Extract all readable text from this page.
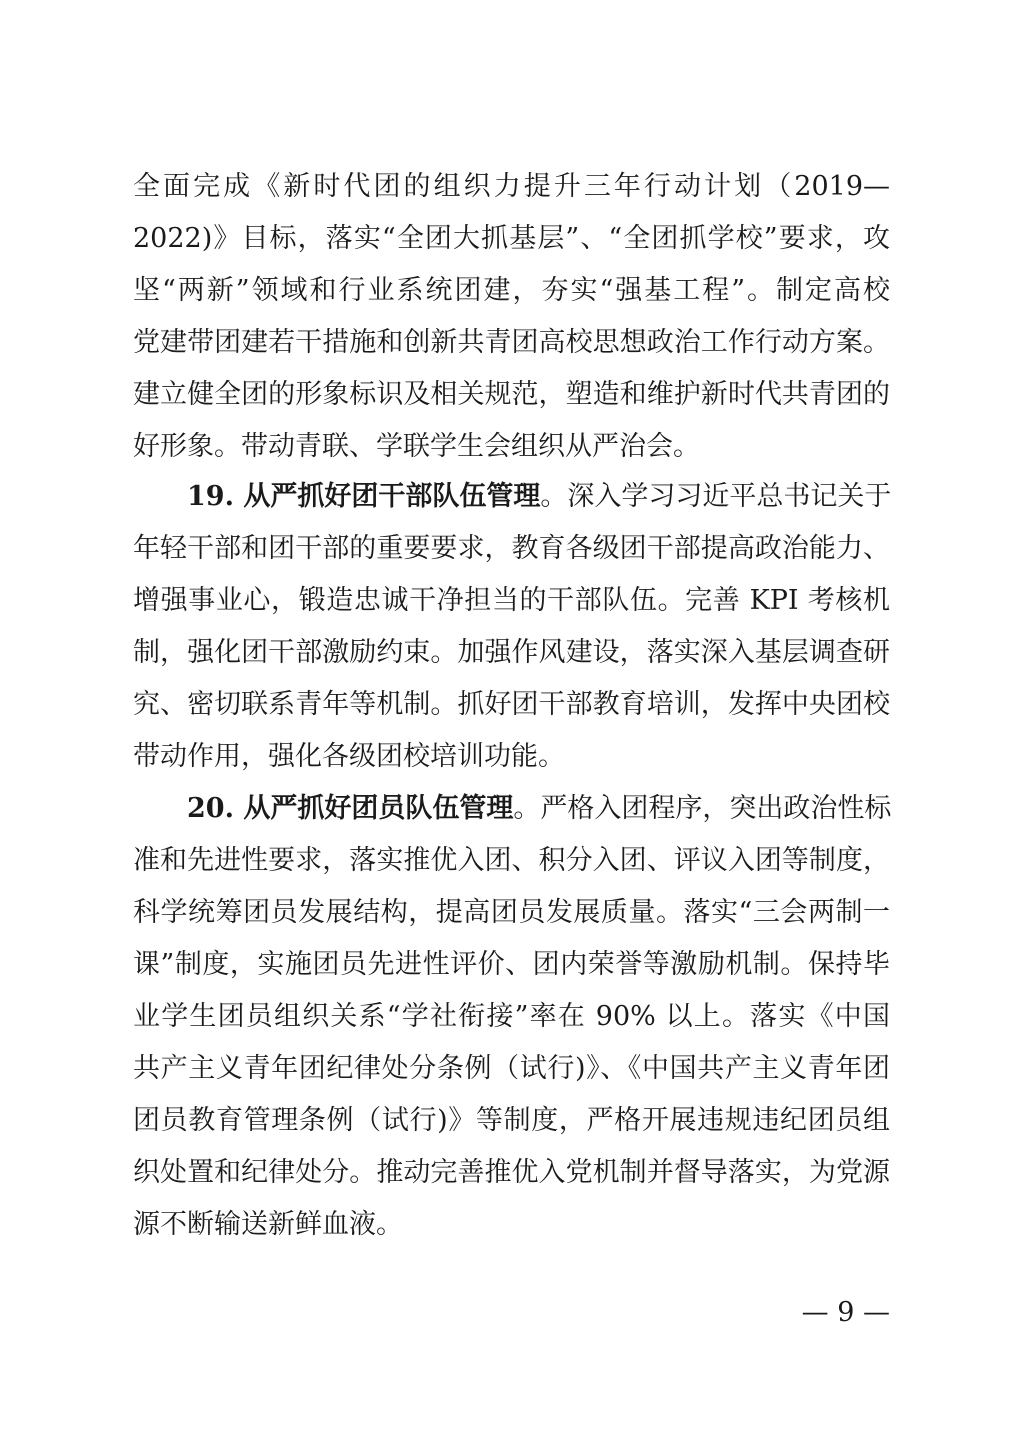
全面完成《新时代团的组织力提升三年行动计划（2019—
2022)》目标，落实“全团大抓基层”、“全团抓学校”要求，攻
坚“两新”领域和行业系统团建，夯实“强基工程”。制定高校
党建带团建若干措施和创新共青团高校思想政治工作行动方案。
建立健全团的形象标识及相关规范，塑造和维护新时代共青团的
好形象。带动青联、学联学生会组织从严治会。
19. 从严抓好团干部队伍管理。深入学习习近平总书记关于
年轻干部和团干部的重要要求，教育各级团干部提高政治能力、
增强事业心，锻造忠诚干净担当的干部队伍。完善 KPI 考核机
制，强化团干部激励约束。加强作风建设，落实深入基层调查研
究、密切联系青年等机制。抓好团干部教育培训，发挥中央团校
带动作用，强化各级团校培训功能。
20. 从严抓好团员队伍管理。严格入团程序，突出政治性标
准和先进性要求，落实推优入团、积分入团、评议入团等制度，
科学统筹团员发展结构，提高团员发展质量。落实“三会两制一
课”制度，实施团员先进性评价、团内荣誉等激励机制。保持毕
业学生团员组织关系“学社衔接”率在 90% 以上。落实《中国
共产主义青年团纪律处分条例（试行)》、《中国共产主义青年团
团员教育管理条例（试行)》等制度，严格开展违规违纪团员组
织处置和纪律处分。推动完善推优入党机制并督导落实，为党源
源不断输送新鲜血液。
— 9 —
